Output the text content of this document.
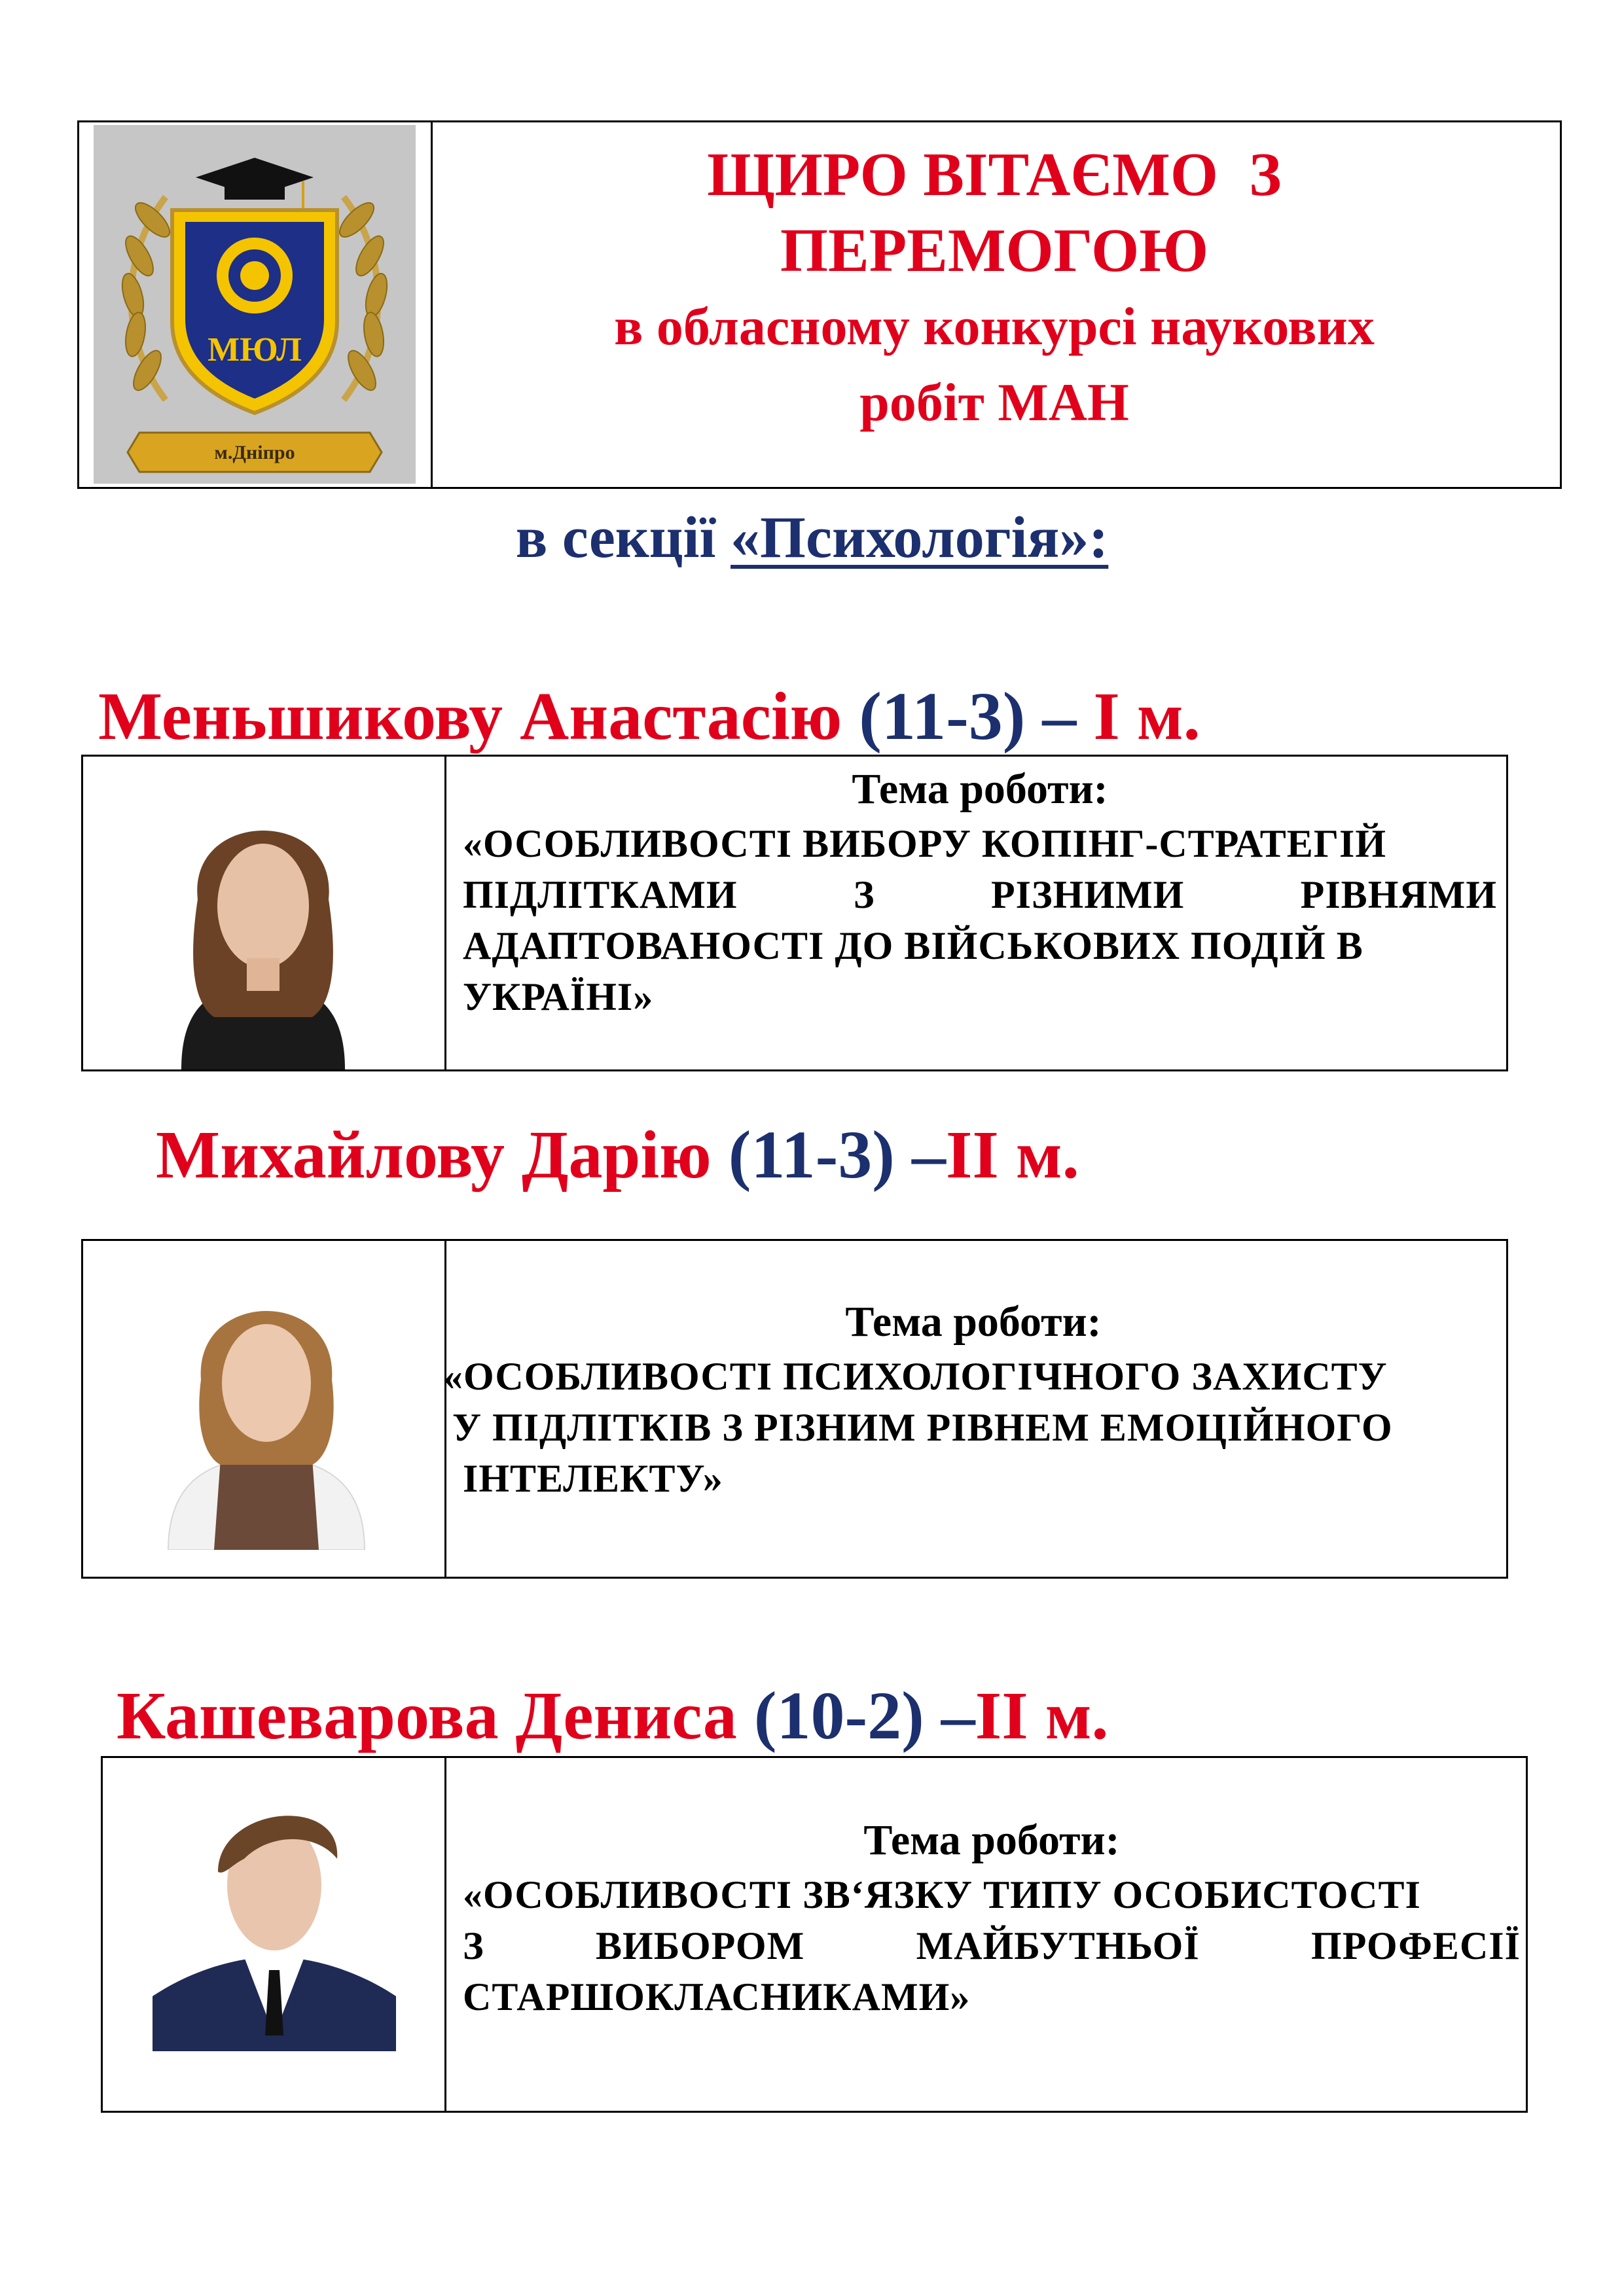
МЮЛ
м.Дніпро
ЩИРО ВІТАЄМО  З
ПЕРЕМОГОЮ
в обласному конкурсі наукових
робіт МАН
в секції «Психологія»:
Меньшикову Анастасію (11-3) – І м.
Тема роботи:
«ОСОБЛИВОСТІ ВИБОРУ КОПІНГ-СТРАТЕГІЙ
ПІДЛІТКАМИ	З	РІЗНИМИ	РІВНЯМИ
АДАПТОВАНОСТІ ДО ВІЙСЬКОВИХ ПОДІЙ В
УКРАЇНІ»
Михайлову Дарію (11-3) –ІІ м.
Тема роботи:
«ОСОБЛИВОСТІ ПСИХОЛОГІЧНОГО ЗАХИСТУ
У ПІДЛІТКІВ З РІЗНИМ РІВНЕМ ЕМОЦІЙНОГО
ІНТЕЛЕКТУ»
Кашеварова Дениса (10-2) –ІІ м.
Тема роботи:
«ОСОБЛИВОСТІ ЗВ‘ЯЗКУ ТИПУ ОСОБИСТОСТІ
З	ВИБОРОМ	МАЙБУТНЬОЇ	ПРОФЕСІЇ
СТАРШОКЛАСНИКАМИ»
